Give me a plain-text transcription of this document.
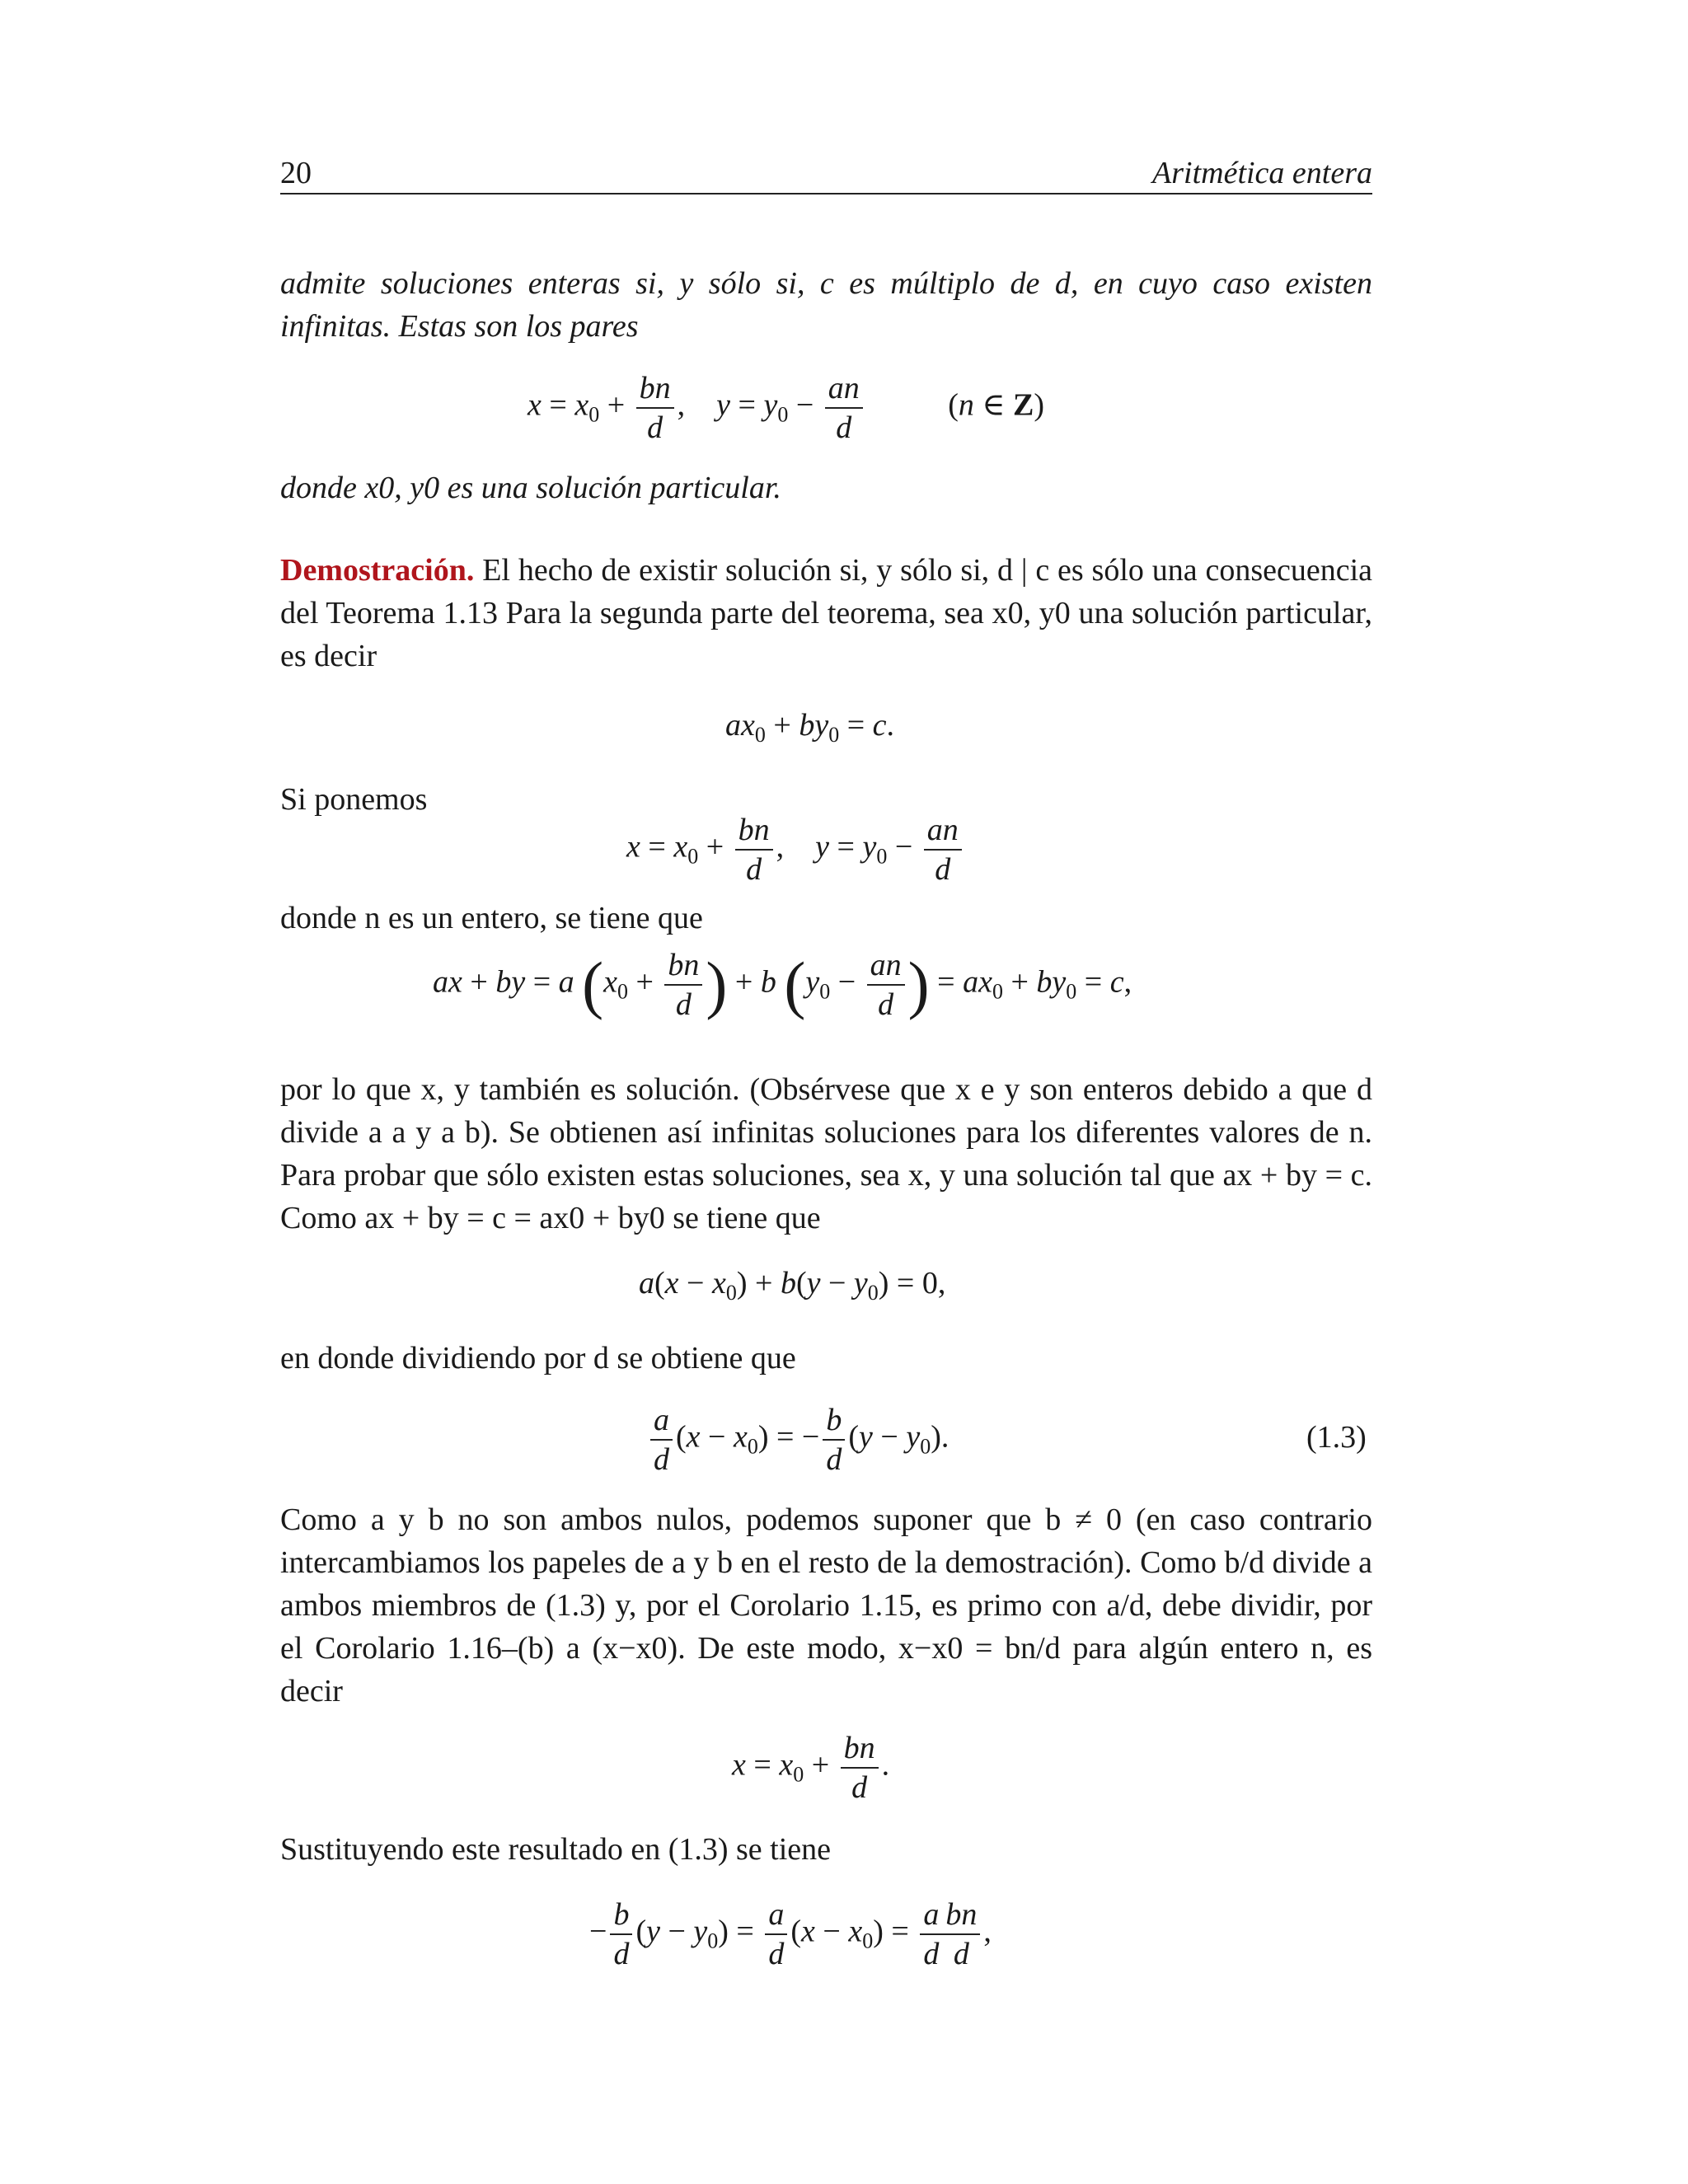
20	Aritmética entera
admite soluciones enteras si, y sólo si, c es múltiplo de d, en cuyo caso existen infinitas. Estas son los pares
$x = x_0 + \frac{bn}{d}$ ,    $y = y_0 - \frac{an}{d}$	(n ∈ Z)
donde x0, y0 es una solución particular.
Demostración. El hecho de existir solución si, y sólo si, d | c es sólo una consecuencia del Teorema 1.13 Para la segunda parte del teorema, sea x0, y0 una solución particular, es decir
$ax_0 + by_0 = c$.
Si ponemos
$x = x_0 + \frac{bn}{d}$ ,    $y = y_0 - \frac{an}{d}$
donde n es un entero, se tiene que
ax + by = a ($x_0 + \frac{bn}{d}$ ) + b ($y_0 - \frac{an}{d}$ ) = $ax_0 + by_0 = c$,
por lo que x, y también es solución. (Obsérvese que x e y son enteros debido a que d divide a a y a b). Se obtienen así infinitas soluciones para los diferentes valores de n. Para probar que sólo existen estas soluciones, sea x, y una solución tal que ax + by = c. Como ax + by = c = ax0 + by0 se tiene que
$a(x - x_0) + b(y - y_0) = 0$,
en donde dividiendo por d se obtiene que
$\frac{a}{d} (x - x_0)$ = − $\frac{b}{d} (y - y_0)$.	(1.3)
Como a y b no son ambos nulos, podemos suponer que b ≠ 0 (en caso contrario intercambiamos los papeles de a y b en el resto de la demostración). Como b/d divide a ambos miembros de (1.3) y, por el Corolario 1.15, es primo con a/d, debe dividir, por el Corolario 1.16–(b) a (x−x0). De este modo, x−x0 = bn/d para algún entero n, es decir
$x = x_0 + \frac{bn}{d}$ .
Sustituyendo este resultado en (1.3) se tiene
− $\frac{b}{d} (y - y_0) = \frac{a}{d} (x - x_0) = \frac{a}{d} \frac{bn}{d}$ ,
